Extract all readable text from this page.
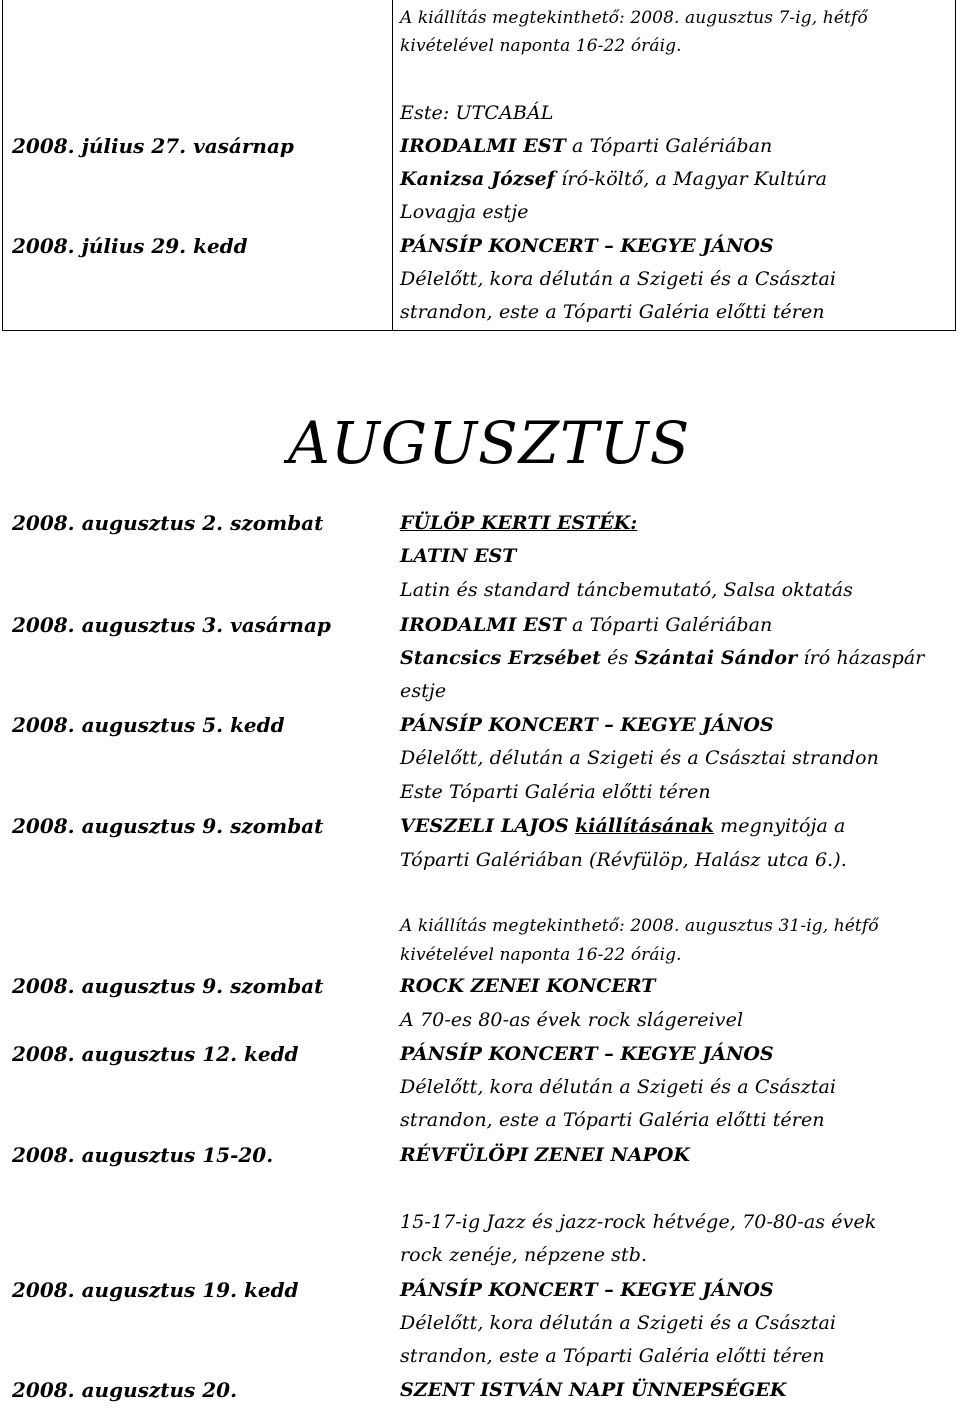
A kiállítás megtekinthető: 2008. augusztus 7-ig, hétfő
kivételével naponta 16-22 óráig.
Este: UTCABÁL
2008. július 27. vasárnap	IRODALMI EST a Tóparti Galériában
Kanizsa József író-költő, a Magyar Kultúra
Lovagja estje
2008. július 29. kedd	PÁNSÍP KONCERT – KEGYE JÁNOS
Délelőtt, kora délután a Szigeti és a Császtai
strandon, este a Tóparti Galéria előtti téren
AUGUSZTUS
2008. augusztus 2. szombat	FÜLÖP KERTI ESTÉK:
LATIN EST
Latin és standard táncbemutató, Salsa oktatás
2008. augusztus 3. vasárnap	IRODALMI EST a Tóparti Galériában
Stancsics Erzsébet és Szántai Sándor író házaspár
estje
2008. augusztus 5. kedd	PÁNSÍP KONCERT – KEGYE JÁNOS
Délelőtt, délután a Szigeti és a Császtai strandon
Este Tóparti Galéria előtti téren
2008. augusztus 9. szombat	VESZELI LAJOS kiállításának megnyitója a
Tóparti Galériában (Révfülöp, Halász utca 6.).
A kiállítás megtekinthető: 2008. augusztus 31-ig, hétfő
kivételével naponta 16-22 óráig.
2008. augusztus 9. szombat	ROCK ZENEI KONCERT
A 70-es 80-as évek rock slágereivel
2008. augusztus 12. kedd	PÁNSÍP KONCERT – KEGYE JÁNOS
Délelőtt, kora délután a Szigeti és a Császtai
strandon, este a Tóparti Galéria előtti téren
2008. augusztus 15-20.	RÉVFÜLÖPI ZENEI NAPOK
15-17-ig Jazz és jazz-rock hétvége, 70-80-as évek
rock zenéje, népzene stb.
2008. augusztus 19. kedd	PÁNSÍP KONCERT – KEGYE JÁNOS
Délelőtt, kora délután a Szigeti és a Császtai
strandon, este a Tóparti Galéria előtti téren
2008. augusztus 20.	SZENT ISTVÁN NAPI ÜNNEPSÉGEK
